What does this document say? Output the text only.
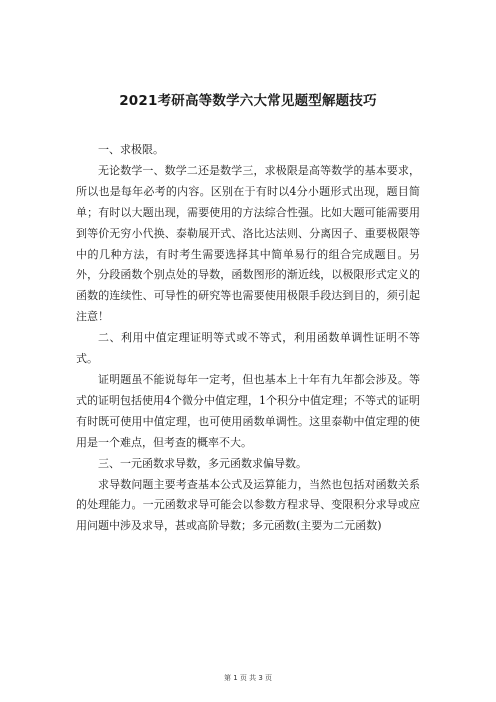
2021考研高等数学六大常见题型解题技巧

一、求极限。

无论数学一、数学二还是数学三，求极限是高等数学的基本要求，所以也是每年必考的内容。区别在于有时以4分小题形式出现，题目简单；有时以大题出现，需要使用的方法综合性强。比如大题可能需要用到等价无穷小代换、泰勒展开式、洛比达法则、分离因子、重要极限等中的几种方法，有时考生需要选择其中简单易行的组合完成题目。另外，分段函数个别点处的导数，函数图形的渐近线，以极限形式定义的函数的连续性、可导性的研究等也需要使用极限手段达到目的，须引起注意！

二、利用中值定理证明等式或不等式，利用函数单调性证明不等式。

证明题虽不能说每年一定考，但也基本上十年有九年都会涉及。等式的证明包括使用4个微分中值定理，1个积分中值定理；不等式的证明有时既可使用中值定理，也可使用函数单调性。这里泰勒中值定理的使用是一个难点，但考查的概率不大。

三、一元函数求导数，多元函数求偏导数。

求导数问题主要考查基本公式及运算能力，当然也包括对函数关系的处理能力。一元函数求导可能会以参数方程求导、变限积分求导或应用问题中涉及求导，甚或高阶导数；多元函数(主要为二元函数)

第 1 页 共 3 页
